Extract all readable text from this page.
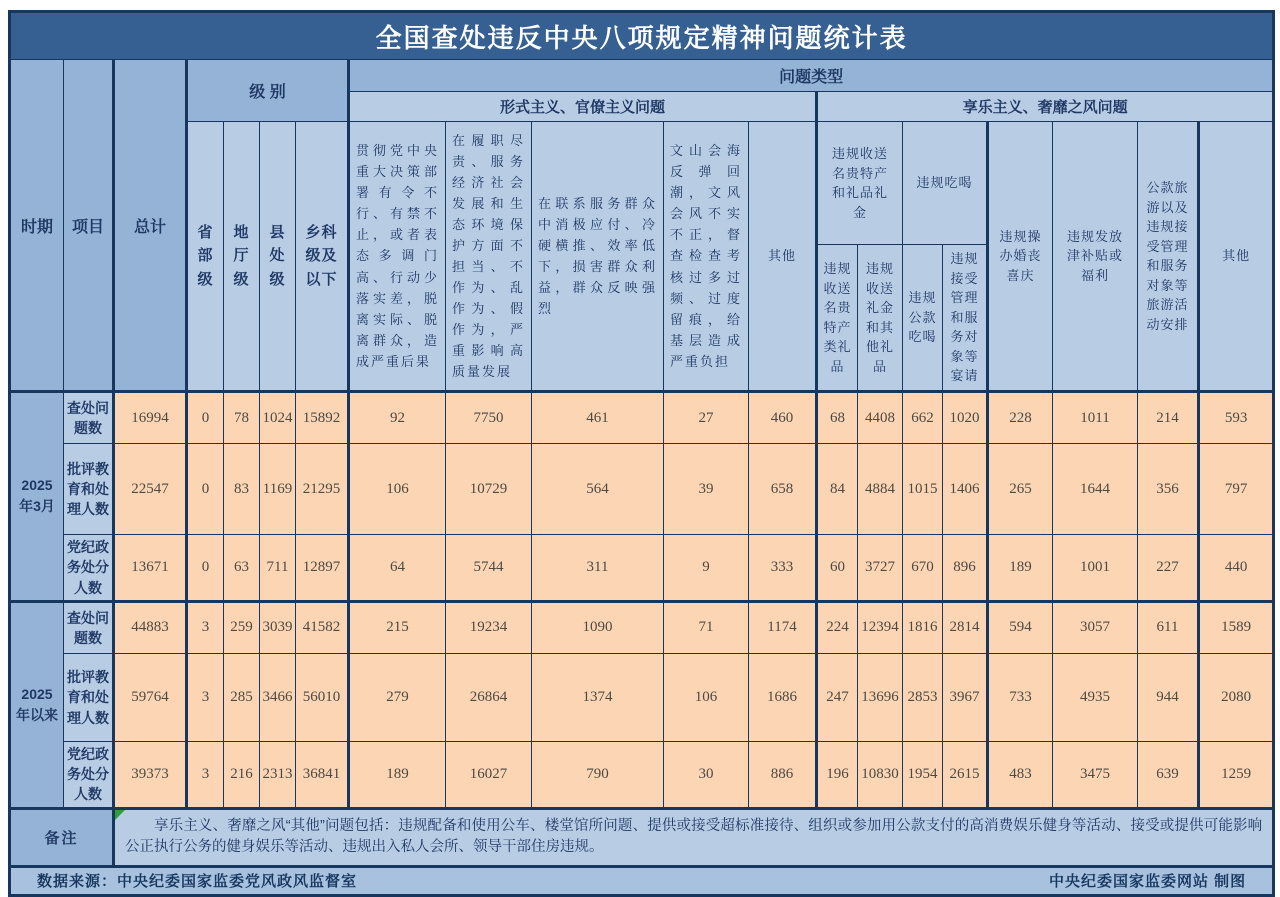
全国查处违反中央八项规定精神问题统计表																			
时期	项目	总计	级 别				问题类型												
							形式主义、官僚主义问题					享乐主义、奢靡之风问题							
			省部级	地厅级	县处级	乡科级及以下	贯彻党中央重大决策部署有令不行、有禁不止，或者表态多调门高、行动少落实差，脱离实际、脱离群众，造成严重后果	在履职尽责、服务经济社会发展和生态环境保护方面不担当、不作为、乱作为、假作为，严重影响高质量发展	在联系服务群众中消极应付、冷硬横推、效率低下，损害群众利益，群众反映强烈	文山会海反弹回潮，文风会风不实不正，督查检查考核过多过频、过度留痕，给基层造成严重负担	其他	违规收送名贵特产和礼品礼金		违规吃喝		违规操办婚丧喜庆	违规发放津补贴或福利	公款旅游以及违规接受管理和服务对象等旅游活动安排	其他
												违规收送名贵特产类礼品	违规收送礼金和其他礼品	违规公款吃喝	违规接受管理和服务对象等宴请				
2025年3月	查处问题数	16994	0	78	1024	15892	92	7750	461	27	460	68	4408	662	1020	228	1011	214	593
	批评教育和处理人数	22547	0	83	1169	21295	106	10729	564	39	658	84	4884	1015	1406	265	1644	356	797
	党纪政务处分人数	13671	0	63	711	12897	64	5744	311	9	333	60	3727	670	896	189	1001	227	440
2025年以来	查处问题数	44883	3	259	3039	41582	215	19234	1090	71	1174	224	12394	1816	2814	594	3057	611	1589
	批评教育和处理人数	59764	3	285	3466	56010	279	26864	1374	106	1686	247	13696	2853	3967	733	4935	944	2080
	党纪政务处分人数	39373	3	216	2313	36841	189	16027	790	30	886	196	10830	1954	2615	483	3475	639	1259
备注		享乐主义、奢靡之风“其他”问题包括：违规配备和使用公车、楼堂馆所问题、提供或接受超标准接待、组织或参加用公款支付的高消费娱乐健身等活动、接受或提供可能影响公正执行公务的健身娱乐等活动、违规出入私人会所、领导干部住房违规。																	

数据来源：中央纪委国家监委党风政风监督室 中央纪委国家监委网站 制图																			
